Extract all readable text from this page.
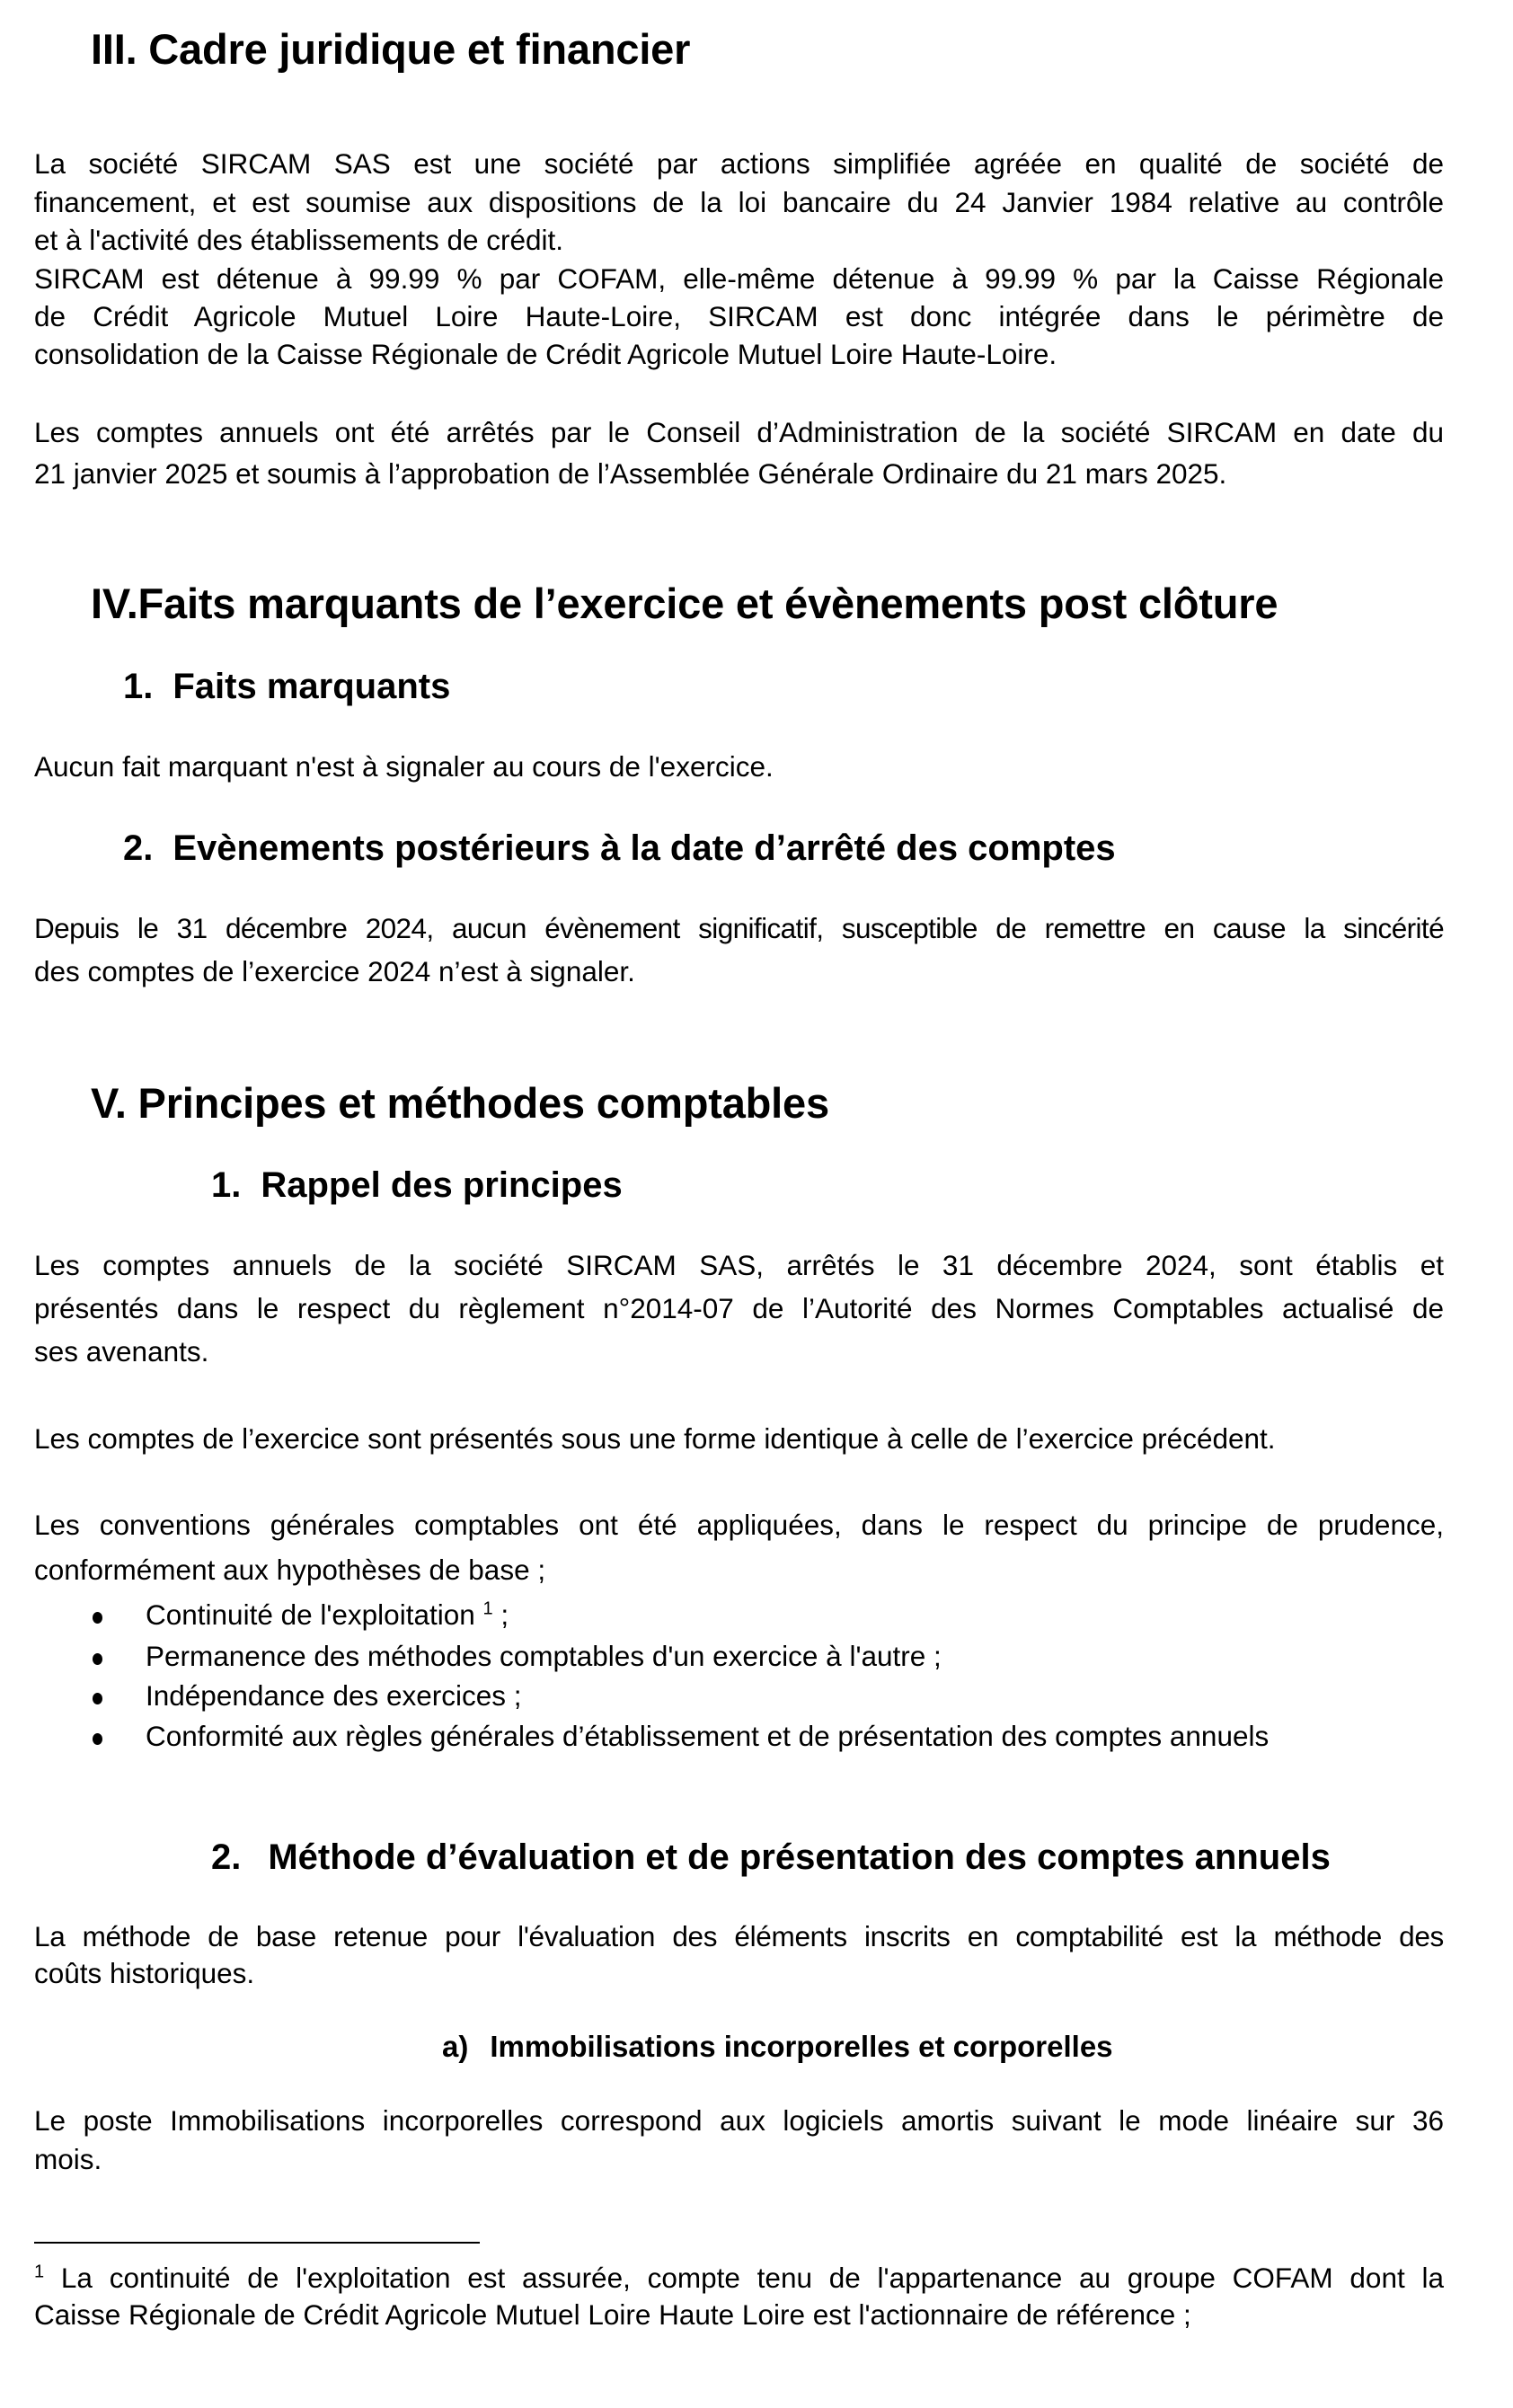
III. Cadre juridique et financier
La société SIRCAM SAS est une société par actions simplifiée agréée en qualité de société de
financement, et est soumise aux dispositions de la loi bancaire du 24 Janvier 1984 relative au contrôle
et à l'activité des établissements de crédit.
SIRCAM est détenue à 99.99 % par COFAM, elle-même détenue à 99.99 % par la Caisse Régionale
de Crédit Agricole Mutuel Loire Haute-Loire, SIRCAM est donc intégrée dans le périmètre de
consolidation de la Caisse Régionale de Crédit Agricole Mutuel Loire Haute-Loire.
Les comptes annuels ont été arrêtés par le Conseil d’Administration de la société SIRCAM en date du
21 janvier 2025 et soumis à l’approbation de l’Assemblée Générale Ordinaire du 21 mars 2025.
IV.Faits marquants de l’exercice et évènements post clôture
1. Faits marquants
Aucun fait marquant n'est à signaler au cours de l'exercice.
2. Evènements postérieurs à la date d’arrêté des comptes
Depuis le 31 décembre 2024, aucun évènement significatif, susceptible de remettre en cause la sincérité
des comptes de l’exercice 2024 n’est à signaler.
V. Principes et méthodes comptables
1. Rappel des principes
Les comptes annuels de la société SIRCAM SAS, arrêtés le 31 décembre 2024, sont établis et
présentés dans le respect du règlement n°2014-07 de l’Autorité des Normes Comptables actualisé de
ses avenants.
Les comptes de l’exercice sont présentés sous une forme identique à celle de l’exercice précédent.
Les conventions générales comptables ont été appliquées, dans le respect du principe de prudence,
conformément aux hypothèses de base ;
Continuité de l'exploitation $^1$ ;
Permanence des méthodes comptables d'un exercice à l'autre ;
Indépendance des exercices ;
Conformité aux règles générales d’établissement et de présentation des comptes annuels
2. Méthode d’évaluation et de présentation des comptes annuels
La méthode de base retenue pour l'évaluation des éléments inscrits en comptabilité est la méthode des
coûts historiques.
a) Immobilisations incorporelles et corporelles
Le poste Immobilisations incorporelles correspond aux logiciels amortis suivant le mode linéaire sur 36
mois.
$^1$ La continuité de l'exploitation est assurée, compte tenu de l'appartenance au groupe COFAM dont la
Caisse Régionale de Crédit Agricole Mutuel Loire Haute Loire est l'actionnaire de référence ;
